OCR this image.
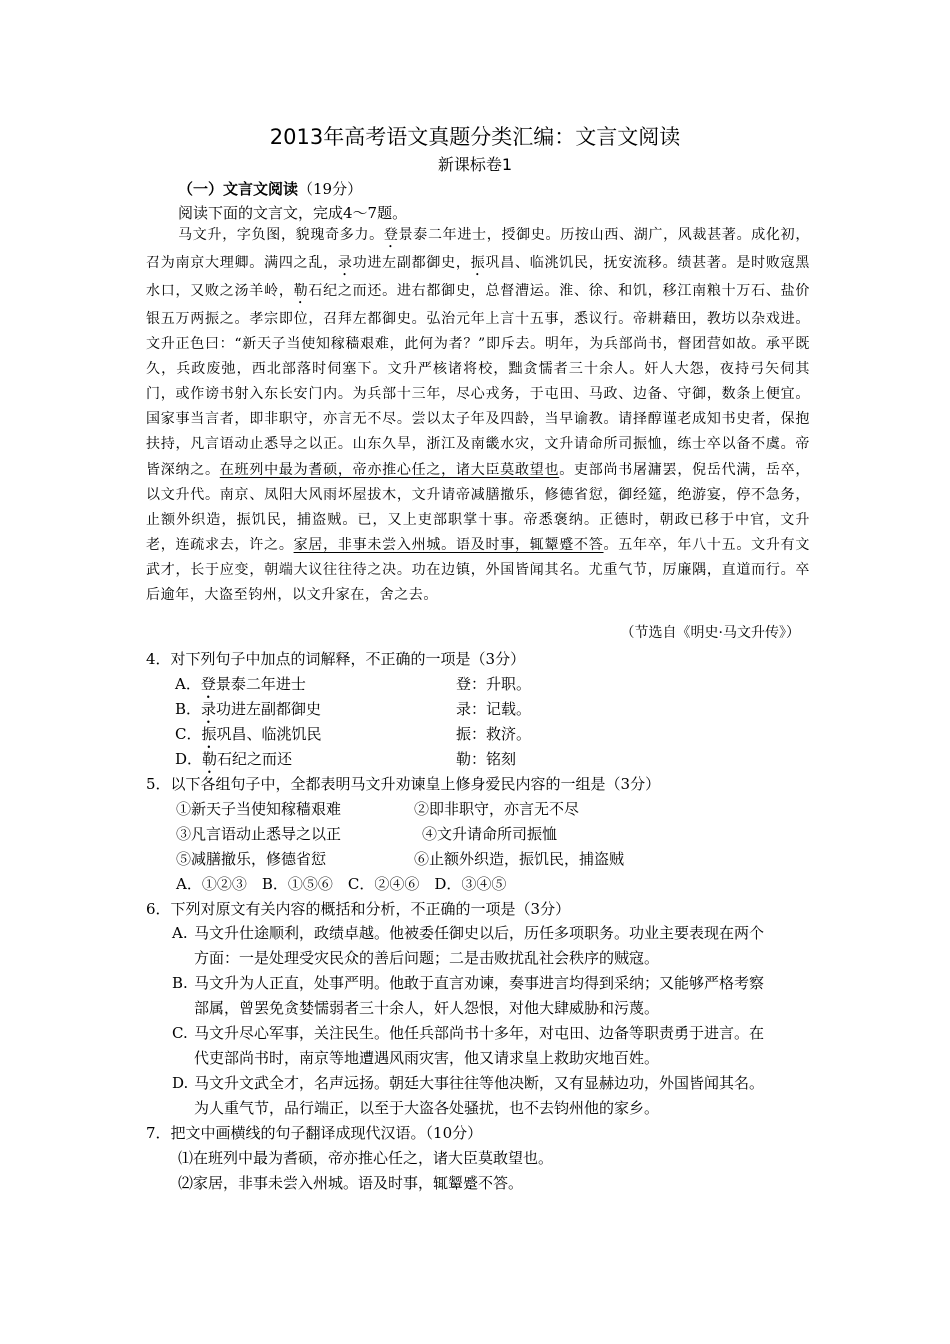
2013年高考语文真题分类汇编：文言文阅读
新课标卷1
（一）文言文阅读（19分）
阅读下面的文言文，完成4～7题。
马文升，字负图，貌瑰奇多力。登景泰二年进士，授御史。历按山西、湖广，风裁甚著。成化初，召为南京大理卿。满四之乱，录功进左副都御史，振巩昌、临洮饥民，抚安流移。绩甚著。是时败寇黑水口，又败之汤羊岭，勒石纪之而还。进右都御史，总督漕运。淮、徐、和饥，移江南粮十万石、盐价银五万两振之。孝宗即位，召拜左都御史。弘治元年上言十五事，悉议行。帝耕藉田，教坊以杂戏进。文升正色曰：“新天子当使知稼穑艰难，此何为者？”即斥去。明年，为兵部尚书，督团营如故。承平既久，兵政废弛，西北部落时伺塞下。文升严核诸将校，黜贪懦者三十余人。奸人大怨，夜持弓矢伺其门，或作谤书射入东长安门内。为兵部十三年，尽心戎务，于屯田、马政、边备、守御，数条上便宜。国家事当言者，即非职守，亦言无不尽。尝以太子年及四龄，当早谕教。请择醇谨老成知书史者，保抱扶持，凡言语动止悉导之以正。山东久旱，浙江及南畿水灾，文升请命所司振恤，练士卒以备不虞。帝皆深纳之。在班列中最为耆硕，帝亦推心任之，诸大臣莫敢望也。吏部尚书屠滽罢，倪岳代满，岳卒，以文升代。南京、凤阳大风雨坏屋拔木，文升请帝减膳撤乐，修德省愆，御经筵，绝游宴，停不急务，止额外织造，振饥民，捕盗贼。已，又上吏部职掌十事。帝悉褒纳。正德时，朝政已移于中官，文升老，连疏求去，许之。家居，非事未尝入州城。语及时事，辄颦蹙不答。五年卒，年八十五。文升有文武才，长于应变，朝端大议往往待之决。功在边镇，外国皆闻其名。尤重气节，厉廉隅，直道而行。卒后逾年，大盗至钧州，以文升家在，舍之去。
（节选自《明史·马文升传》）
4．对下列句子中加点的词解释，不正确的一项是（3分）
A．登景泰二年进士	登：升职。
B．录功进左副都御史	录：记载。
C．振巩昌、临洮饥民	振：救济。
D．勒石纪之而还	勒：铭刻
5．以下各组句子中，全都表明马文升劝谏皇上修身爱民内容的一组是（3分）
①新天子当使知稼穑艰难	②即非职守，亦言无不尽
③凡言语动止悉导之以正	④文升请命所司振恤
⑤减膳撤乐，修德省愆	⑥止额外织造，振饥民，捕盗贼
A．①②③　B．①⑤⑥　C．②④⑥　D．③④⑤
6．下列对原文有关内容的概括和分析，不正确的一项是（3分）
A. 马文升仕途顺利，政绩卓越。他被委任御史以后，历任多项职务。功业主要表现在两个
方面：一是处理受灾民众的善后问题；二是击败扰乱社会秩序的贼寇。
B. 马文升为人正直，处事严明。他敢于直言劝谏，奏事进言均得到采纳；又能够严格考察
部属，曾罢免贪婪懦弱者三十余人，奸人怨恨，对他大肆威胁和污蔑。
C. 马文升尽心军事，关注民生。他任兵部尚书十多年，对屯田、边备等职责勇于进言。在
代吏部尚书时，南京等地遭遇风雨灾害，他又请求皇上救助灾地百姓。
D. 马文升文武全才，名声远扬。朝廷大事往往等他决断，又有显赫边功，外国皆闻其名。
为人重气节，品行端正，以至于大盗各处骚扰，也不去钧州他的家乡。
7．把文中画横线的句子翻译成现代汉语。（10分）
⑴在班列中最为耆硕，帝亦推心任之，诸大臣莫敢望也。
⑵家居，非事未尝入州城。语及时事，辄颦蹙不答。
